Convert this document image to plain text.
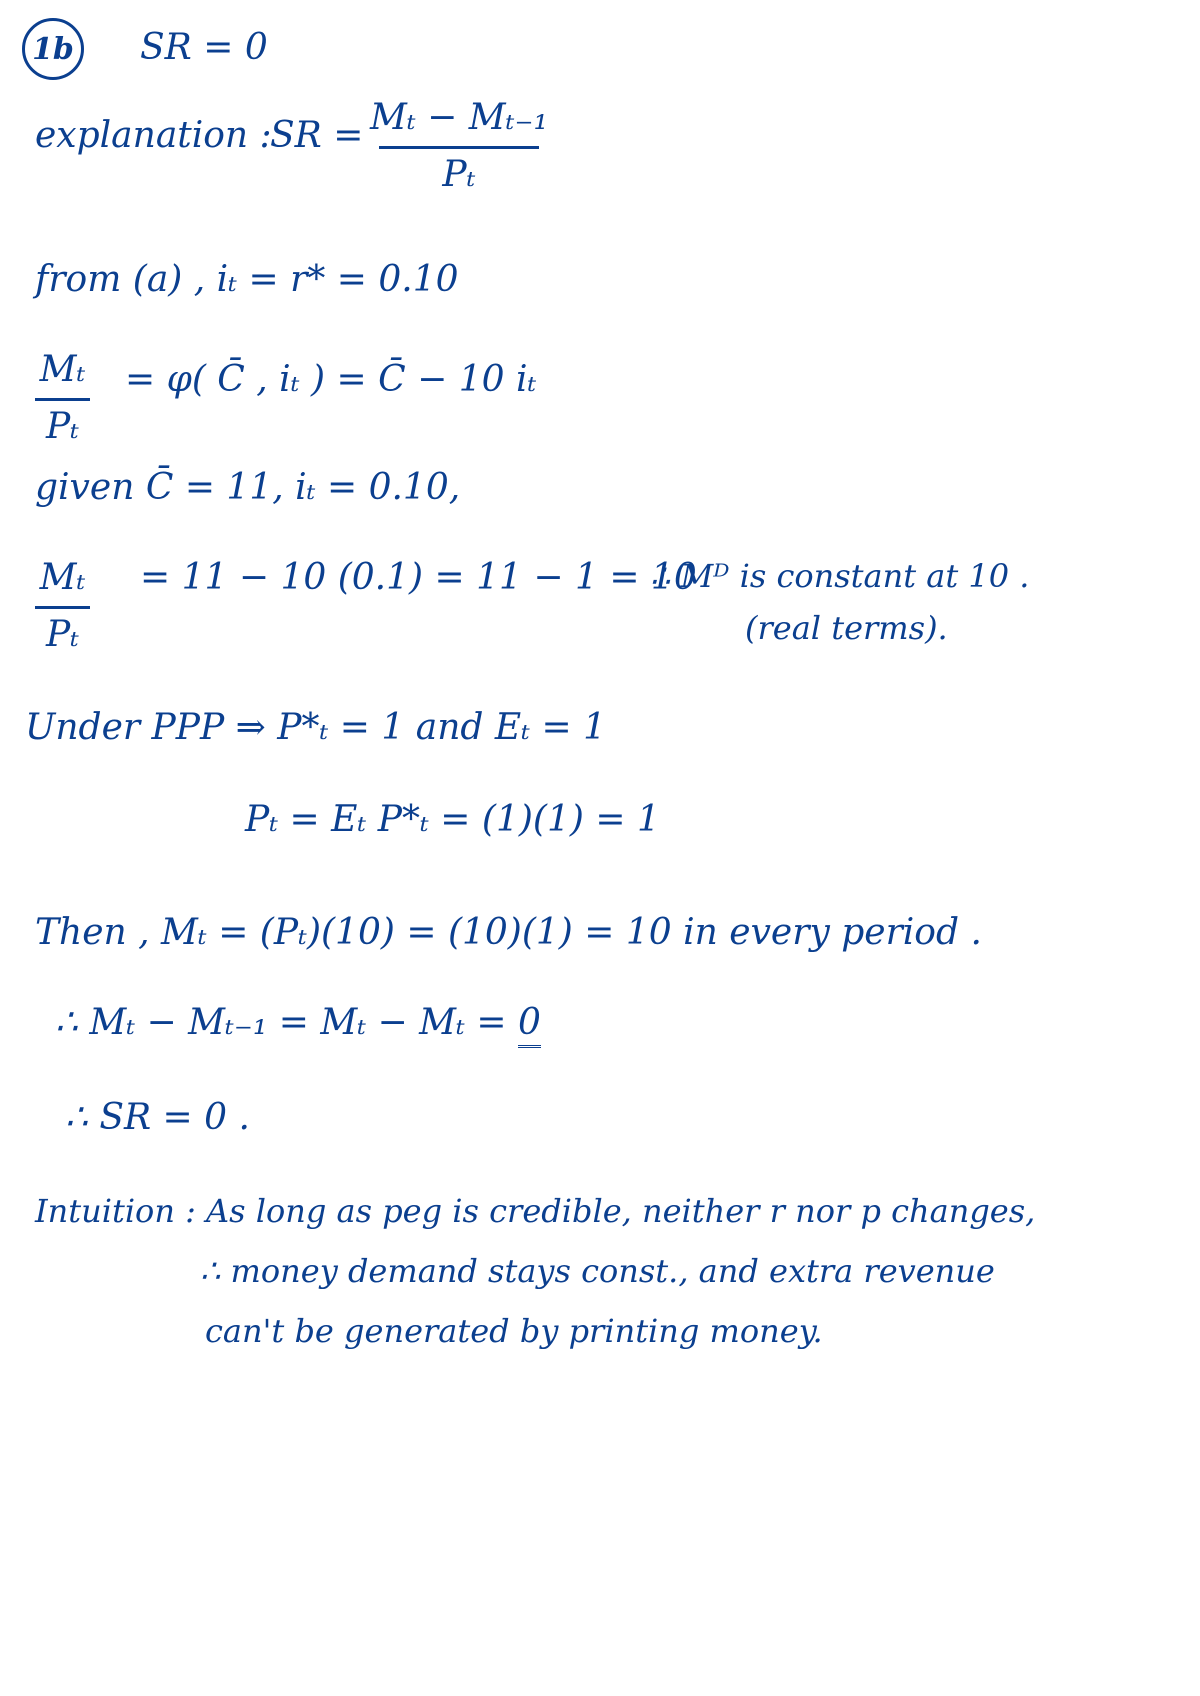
1b SR = 0
explanation :
SR = Mₜ − Mₜ₋₁
Pₜ
from (a) , iₜ = r* = 0.10
Mₜ
Pₜ
= φ( C̄ , iₜ ) = C̄ − 10 iₜ
given C̄ = 11, iₜ = 0.10,
Mₜ
Pₜ
= 11 − 10 (0.1) = 11 − 1 = 10
∴ Mᴰ is constant at 10 .
(real terms).
Under PPP ⇒ P*ₜ = 1 and Eₜ = 1
Pₜ = Eₜ P*ₜ = (1)(1) = 1
Then , Mₜ = (Pₜ)(10) = (10)(1) = 10 in every period .
∴ Mₜ − Mₜ₋₁ = Mₜ − Mₜ = 0
∴ SR = 0 .
Intuition : As long as peg is credible, neither r nor p changes,
∴ money demand stays const., and extra revenue
can't be generated by printing money.
